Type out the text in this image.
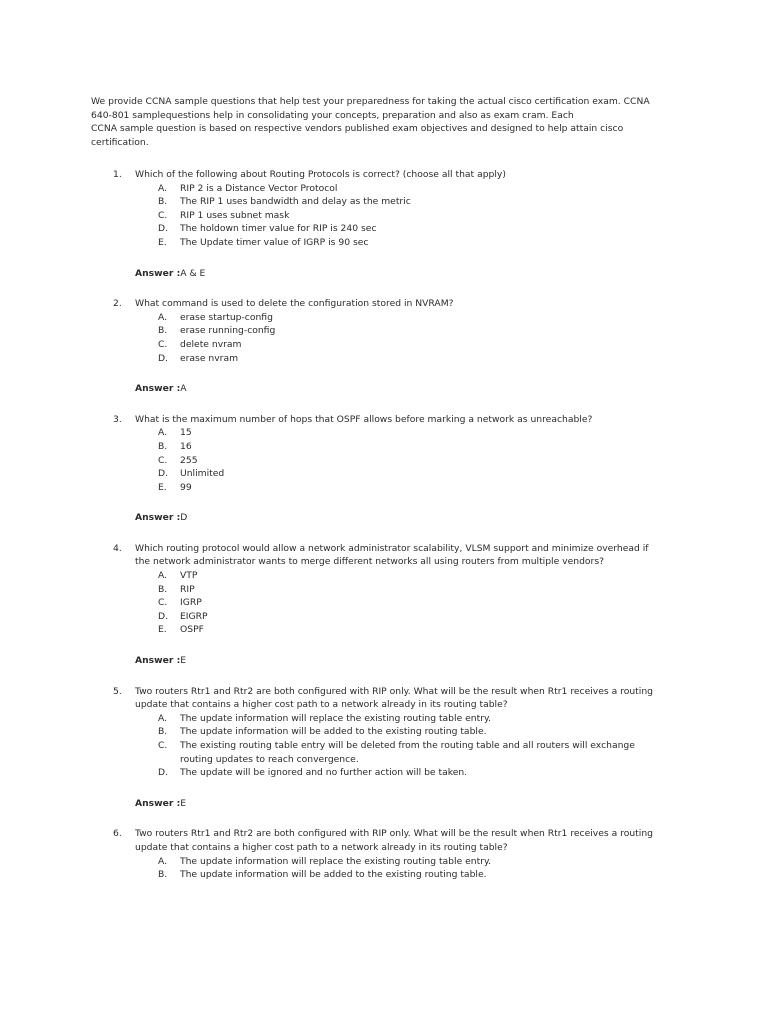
We provide CCNA sample questions that help test your preparedness for taking the actual cisco certification exam. CCNA
640-801 samplequestions help in consolidating your concepts, preparation and also as exam cram. Each
CCNA sample question is based on respective vendors published exam objectives and designed to help attain cisco
certification.
1. Which of the following about Routing Protocols is correct? (choose all that apply)
A. RIP 2 is a Distance Vector Protocol
B. The RIP 1 uses bandwidth and delay as the metric
C. RIP 1 uses subnet mask
D. The holdown timer value for RIP is 240 sec
E. The Update timer value of IGRP is 90 sec
Answer :A & E
2. What command is used to delete the configuration stored in NVRAM?
A. erase startup-config
B. erase running-config
C. delete nvram
D. erase nvram
Answer :A
3. What is the maximum number of hops that OSPF allows before marking a network as unreachable?
A. 15
B. 16
C. 255
D. Unlimited
E. 99
Answer :D
4. Which routing protocol would allow a network administrator scalability, VLSM support and minimize overhead if
the network administrator wants to merge different networks all using routers from multiple vendors?
A. VTP
B. RIP
C. IGRP
D. EIGRP
E. OSPF
Answer :E
5. Two routers Rtr1 and Rtr2 are both configured with RIP only. What will be the result when Rtr1 receives a routing
update that contains a higher cost path to a network already in its routing table?
A. The update information will replace the existing routing table entry.
B. The update information will be added to the existing routing table.
C. The existing routing table entry will be deleted from the routing table and all routers will exchange
routing updates to reach convergence.
D. The update will be ignored and no further action will be taken.
Answer :E
6. Two routers Rtr1 and Rtr2 are both configured with RIP only. What will be the result when Rtr1 receives a routing
update that contains a higher cost path to a network already in its routing table?
A. The update information will replace the existing routing table entry.
B. The update information will be added to the existing routing table.
